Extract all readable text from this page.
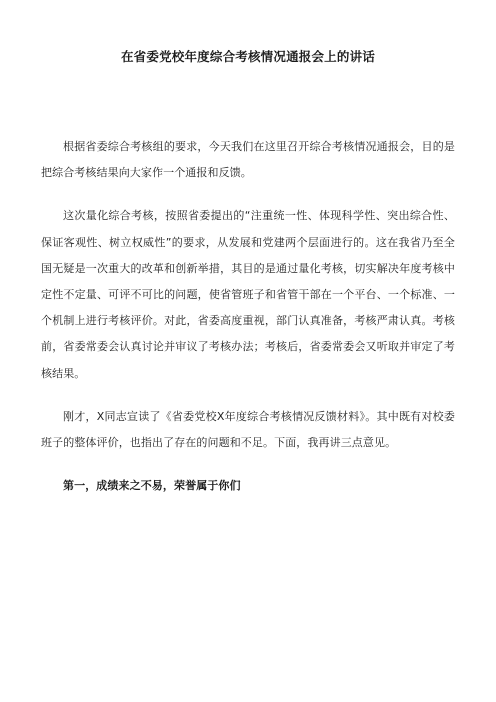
在省委党校年度综合考核情况通报会上的讲话

根据省委综合考核组的要求，今天我们在这里召开综合考核情况通报会，目的是把综合考核结果向大家作一个通报和反馈。

这次量化综合考核，按照省委提出的“注重统一性、体现科学性、突出综合性、保证客观性、树立权威性”的要求，从发展和党建两个层面进行的。这在我省乃至全国无疑是一次重大的改革和创新举措，其目的是通过量化考核，切实解决年度考核中定性不定量、可评不可比的问题，使省管班子和省管干部在一个平台、一个标准、一个机制上进行考核评价。对此，省委高度重视，部门认真准备，考核严肃认真。考核前，省委常委会认真讨论并审议了考核办法；考核后，省委常委会又听取并审定了考核结果。

刚才，X同志宣读了《省委党校X年度综合考核情况反馈材料》。其中既有对校委班子的整体评价，也指出了存在的问题和不足。下面，我再讲三点意见。

第一，成绩来之不易，荣誉属于你们
